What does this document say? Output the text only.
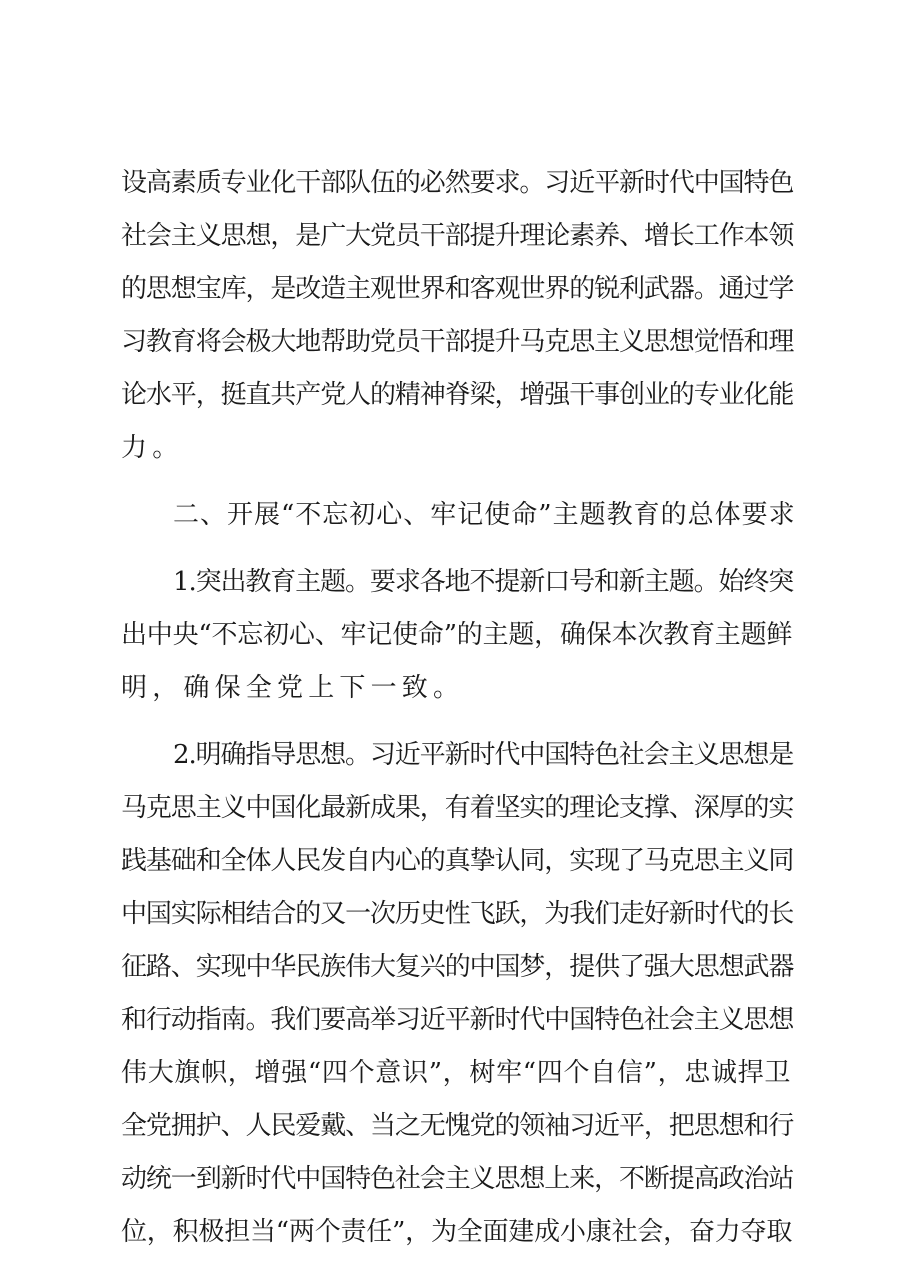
设高素质专业化干部队伍的必然要求。习近平新时代中国特色
社会主义思想，是广大党员干部提升理论素养、增长工作本领
的思想宝库，是改造主观世界和客观世界的锐利武器。通过学
习教育将会极大地帮助党员干部提升马克思主义思想觉悟和理
论水平，挺直共产党人的精神脊梁，增强干事创业的专业化能
力。

二、开展“不忘初心、牢记使命”主题教育的总体要求

1.突出教育主题。要求各地不提新口号和新主题。始终突
出中央“不忘初心、牢记使命”的主题，确保本次教育主题鲜
明，确保全党上下一致。

2.明确指导思想。习近平新时代中国特色社会主义思想是
马克思主义中国化最新成果，有着坚实的理论支撑、深厚的实
践基础和全体人民发自内心的真挚认同，实现了马克思主义同
中国实际相结合的又一次历史性飞跃，为我们走好新时代的长
征路、实现中华民族伟大复兴的中国梦，提供了强大思想武器
和行动指南。我们要高举习近平新时代中国特色社会主义思想
伟大旗帜，增强“四个意识”，树牢“四个自信”，忠诚捍卫
全党拥护、人民爱戴、当之无愧党的领袖习近平，把思想和行
动统一到新时代中国特色社会主义思想上来，不断提高政治站
位，积极担当“两个责任”，为全面建成小康社会，奋力夺取
